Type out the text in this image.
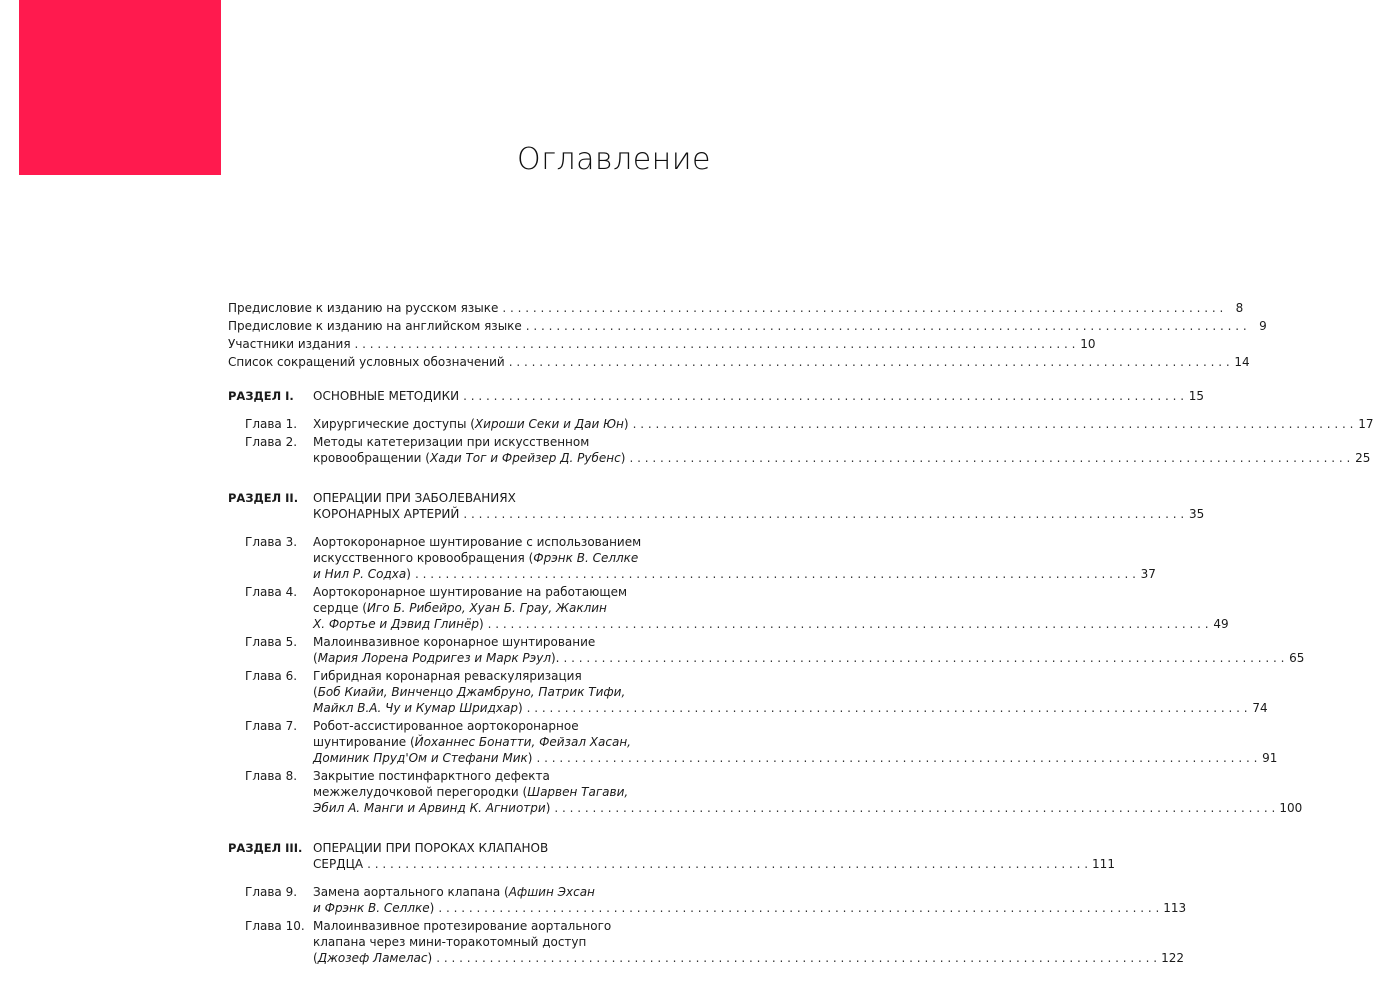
Оглавление
Предисловие к изданию на русском языке . . .	8
Предисловие к изданию на английском языке . . .	9
Участники издания . . .	10
Список сокращений условных обозначений . . .	14
РАЗДЕЛ I.	ОСНОВНЫЕ МЕТОДИКИ . . .	15
Глава 1.	Хирургические доступы (Хироши Секи и Даи Юн) . . .	17
Глава 2.	Методы катетеризации при искусственном
кровообращении (Хади Тог и Фрейзер Д. Рубенс) . . .	25
РАЗДЕЛ II.	ОПЕРАЦИИ ПРИ ЗАБОЛЕВАНИЯХ
КОРОНАРНЫХ АРТЕРИЙ . . .	35
Глава 3.	Аортокоронарное шунтирование с использованием
искусственного кровообращения (Фрэнк В. Селлке
и Нил Р. Содха) . . .	37
Глава 4.	Аортокоронарное шунтирование на работающем
сердце (Иго Б. Рибейро, Хуан Б. Грау, Жаклин
Х. Фортье и Дэвид Глинёр) . . .	49
Глава 5.	Малоинвазивное коронарное шунтирование
(Мария Лорена Родригез и Марк Рэул). . . .	65
Глава 6.	Гибридная коронарная реваскуляризация
(Боб Киайи, Винченцо Джамбруно, Патрик Тифи,
Майкл В.А. Чу и Кумар Шридхар) . . .	74
Глава 7.	Робот-ассистированное аортокоронарное
шунтирование (Йоханнес Бонатти, Фейзал Хасан,
Доминик Пруд'Ом и Стефани Мик) . . .	91
Глава 8.	Закрытие постинфарктного дефекта
межжелудочковой перегородки (Шарвен Тагави,
Эбил А. Манги и Арвинд К. Агниотри) . . .	100
РАЗДЕЛ III. ОПЕРАЦИИ ПРИ ПОРОКАХ КЛАПАНОВ
СЕРДЦА . . .	111
Глава 9.	Замена аортального клапана (Афшин Эхсан
и Фрэнк В. Селлке) . . .	113
Глава 10. Малоинвазивное протезирование аортального
клапана через мини-торакотомный доступ
(Джозеф Ламелас) . . .	122
